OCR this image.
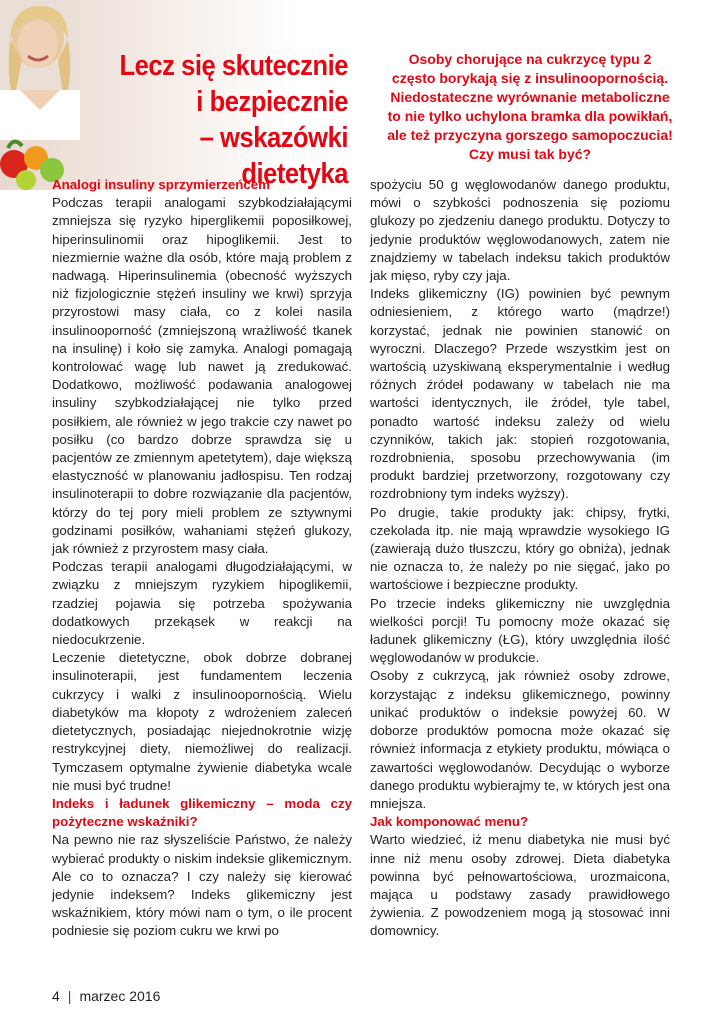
Lecz się skutecznie
i bezpiecznie
– wskazówki dietetyka
Osoby chorujące na cukrzycę typu 2
często borykają się z insulinoopornością.
Niedostateczne wyrównanie metaboliczne
to nie tylko uchylona bramka dla powikłań,
ale też przyczyna gorszego samopoczucia!
Czy musi tak być?
Analogi insuliny sprzymierzeńcem

Podczas terapii analogami szybkodziałającymi zmniejsza się ryzyko hiperglikemii poposiłkowej, hiperinsulinomii oraz hipoglikemii. Jest to niezmiernie ważne dla osób, które mają problem z nadwagą. Hiperinsulinemia (obecność wyższych niż fizjologicznie stężeń insuliny we krwi) sprzyja przyrostowi masy ciała, co z kolei nasila insulinooporność (zmniejszoną wrażliwość tkanek na insulinę) i koło się zamyka. Analogi pomagają kontrolować wagę lub nawet ją zredukować. Dodatkowo, możliwość podawania analogowej insuliny szybkodziałającej nie tylko przed posiłkiem, ale również w jego trakcie czy nawet po posiłku (co bardzo dobrze sprawdza się u pacjentów ze zmiennym apetetytem), daje większą elastyczność w planowaniu jadłospisu. Ten rodzaj insulinoterapii to dobre rozwiązanie dla pacjentów, którzy do tej pory mieli problem ze sztywnymi godzinami posiłków, wahaniami stężeń glukozy, jak również z przyrostem masy ciała.

Podczas terapii analogami długodziałającymi, w związku z mniejszym ryzykiem hipoglikemii, rzadziej pojawia się potrzeba spożywania dodatkowych przekąsek w reakcji na niedocukrzenie.

Leczenie dietetyczne, obok dobrze dobranej insulinoterapii, jest fundamentem leczenia cukrzycy i walki z insulinoopornością. Wielu diabetyków ma kłopoty z wdrożeniem zaleceń dietetycznych, posiadając niejednokrotnie wizję restrykcyjnej diety, niemożliwej do realizacji. Tymczasem optymalne żywienie diabetyka wcale nie musi być trudne!

Indeks i ładunek glikemiczny – moda czy pożyteczne wskaźniki?

Na pewno nie raz słyszeliście Państwo, że należy wybierać produkty o niskim indeksie glikemicznym. Ale co to oznacza? I czy należy się kierować jedynie indeksem? Indeks glikemiczny jest wskaźnikiem, który mówi nam o tym, o ile procent podniesie się poziom cukru we krwi po

spożyciu 50 g węglowodanów danego produktu, mówi o szybkości podnoszenia się poziomu glukozy po zjedzeniu danego produktu. Dotyczy to jedynie produktów węglowodanowych, zatem nie znajdziemy w tabelach indeksu takich produktów jak mięso, ryby czy jaja.

Indeks glikemiczny (IG) powinien być pewnym odniesieniem, z którego warto (mądrze!) korzystać, jednak nie powinien stanowić on wyroczni. Dlaczego? Przede wszystkim jest on wartością uzyskiwaną eksperymentalnie i według różnych źródeł podawany w tabelach nie ma wartości identycznych, ile źródeł, tyle tabel, ponadto wartość indeksu zależy od wielu czynników, takich jak: stopień rozgotowania, rozdrobnienia, sposobu przechowywania (im produkt bardziej przetworzony, rozgotowany czy rozdrobniony tym indeks wyższy).

Po drugie, takie produkty jak: chipsy, frytki, czekolada itp. nie mają wprawdzie wysokiego IG (zawierają dużo tłuszczu, który go obniża), jednak nie oznacza to, że należy po nie sięgać, jako po wartościowe i bezpieczne produkty.

Po trzecie indeks glikemiczny nie uwzględnia wielkości porcji! Tu pomocny może okazać się ładunek glikemiczny (ŁG), który uwzględnia ilość węglowodanów w produkcie.

Osoby z cukrzycą, jak również osoby zdrowe, korzystając z indeksu glikemicznego, powinny unikać produktów o indeksie powyżej 60. W doborze produktów pomocna może okazać się również informacja z etykiety produktu, mówiąca o zawartości węglowodanów. Decydując o wyborze danego produktu wybierajmy te, w których jest ona mniejsza.

Jak komponować menu?

Warto wiedzieć, iż menu diabetyka nie musi być inne niż menu osoby zdrowej. Dieta diabetyka powinna być pełnowartościowa, urozmaicona, mająca u podstawy zasady prawidłowego żywienia. Z powodzeniem mogą ją stosować inni domownicy.

4 | marzec 2016
